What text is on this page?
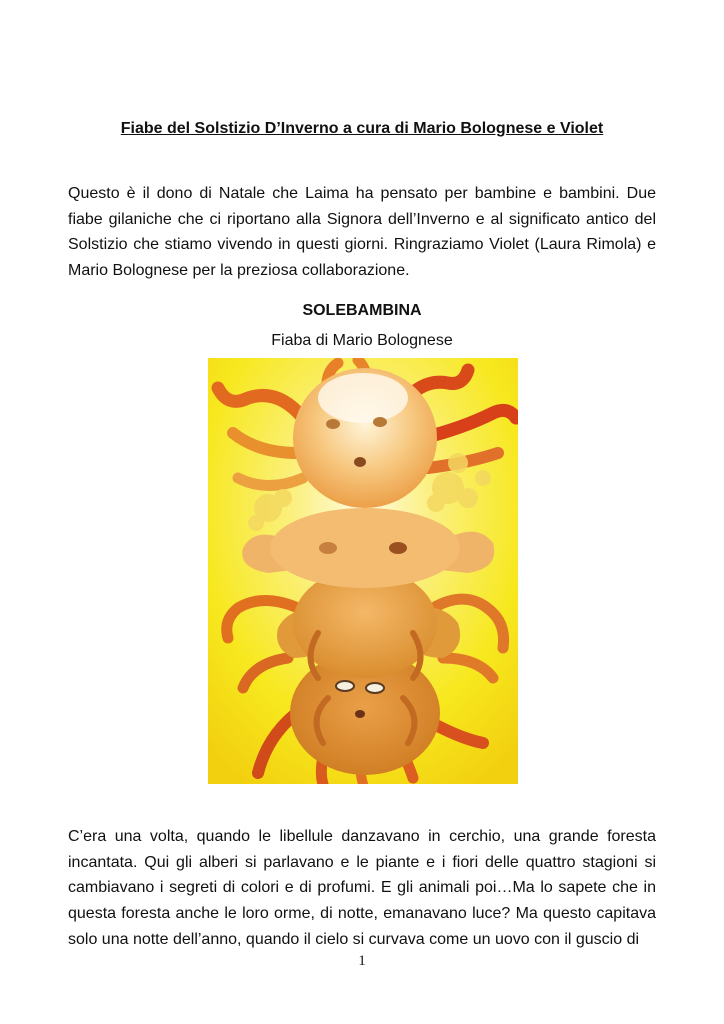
Fiabe del Solstizio D’Inverno a cura di Mario Bolognese e Violet

Questo è il dono di Natale che Laima ha pensato per bambine e bambini. Due fiabe gilaniche che ci riportano alla Signora dell’Inverno e al significato antico del Solstizio che stiamo vivendo in questi giorni. Ringraziamo Violet (Laura Rimola) e Mario Bolognese per la preziosa collaborazione.

SOLEBAMBINA

Fiaba di Mario Bolognese

C’era una volta, quando le libellule danzavano in cerchio, una grande foresta incantata. Qui gli alberi si parlavano e le piante e i fiori delle quattro stagioni si cambiavano i segreti di colori e di profumi. E gli animali poi…Ma lo sapete che in questa foresta anche le loro orme, di notte, emanavano luce? Ma questo capitava solo una notte dell’anno, quando il cielo si curvava come un uovo con il guscio di

1
